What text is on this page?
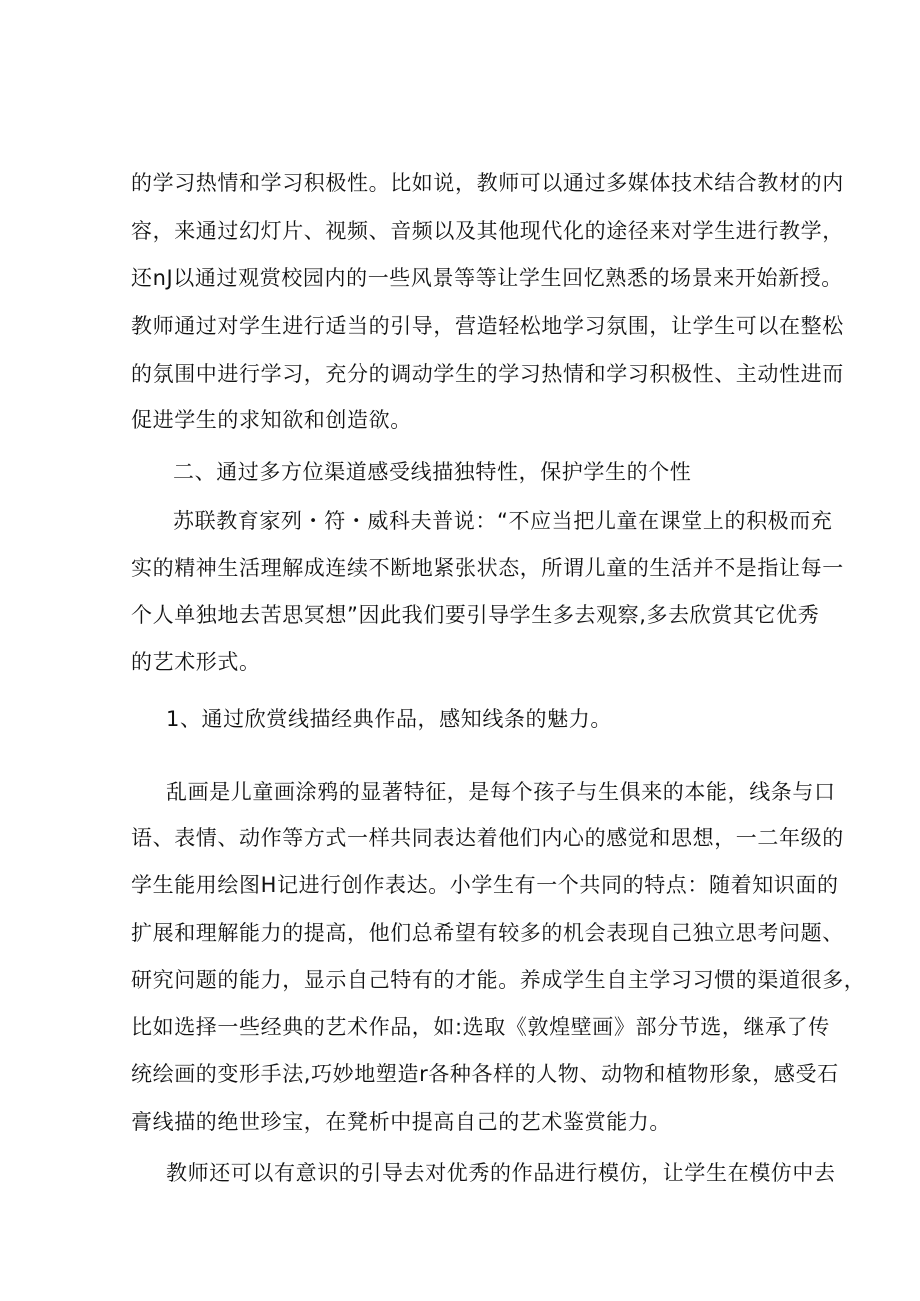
的学习热情和学习积极性。比如说，教师可以通过多媒体技术结合教材的内
容，来通过幻灯片、视频、音频以及其他现代化的途径来对学生进行教学，
还nJ以通过观赏校园内的一些风景等等让学生回忆熟悉的场景来开始新授。
教师通过对学生进行适当的引导，营造轻松地学习氛围，让学生可以在整松
的氛围中进行学习，充分的调动学生的学习热情和学习积极性、主动性进而
促进学生的求知欲和创造欲。
二、通过多方位渠道感受线描独特性，保护学生的个性
苏联教育家列・符・威科夫普说：“不应当把儿童在课堂上的积极而充
实的精神生活理解成连续不断地紧张状态，所谓儿童的生活并不是指让每一
个人单独地去苦思冥想”因此我们要引导学生多去观察,多去欣赏其它优秀
的艺术形式。
1、通过欣赏线描经典作品，感知线条的魅力。
乱画是儿童画涂鸦的显著特征，是每个孩子与生俱来的本能，线条与口
语、表情、动作等方式一样共同表达着他们内心的感觉和思想，一二年级的
学生能用绘图H记进行创作表达。小学生有一个共同的特点：随着知识面的
扩展和理解能力的提高，他们总希望有较多的机会表现自己独立思考问题、
研究问题的能力，显示自己特有的才能。养成学生自主学习习惯的渠道很多，
比如选择一些经典的艺术作品，如:选取《敦煌壁画》部分节选，继承了传
统绘画的变形手法,巧妙地塑造r各种各样的人物、动物和植物形象，感受石
膏线描的绝世珍宝，在凳析中提高自己的艺术鉴赏能力。
教师还可以有意识的引导去对优秀的作品进行模仿，让学生在模仿中去
